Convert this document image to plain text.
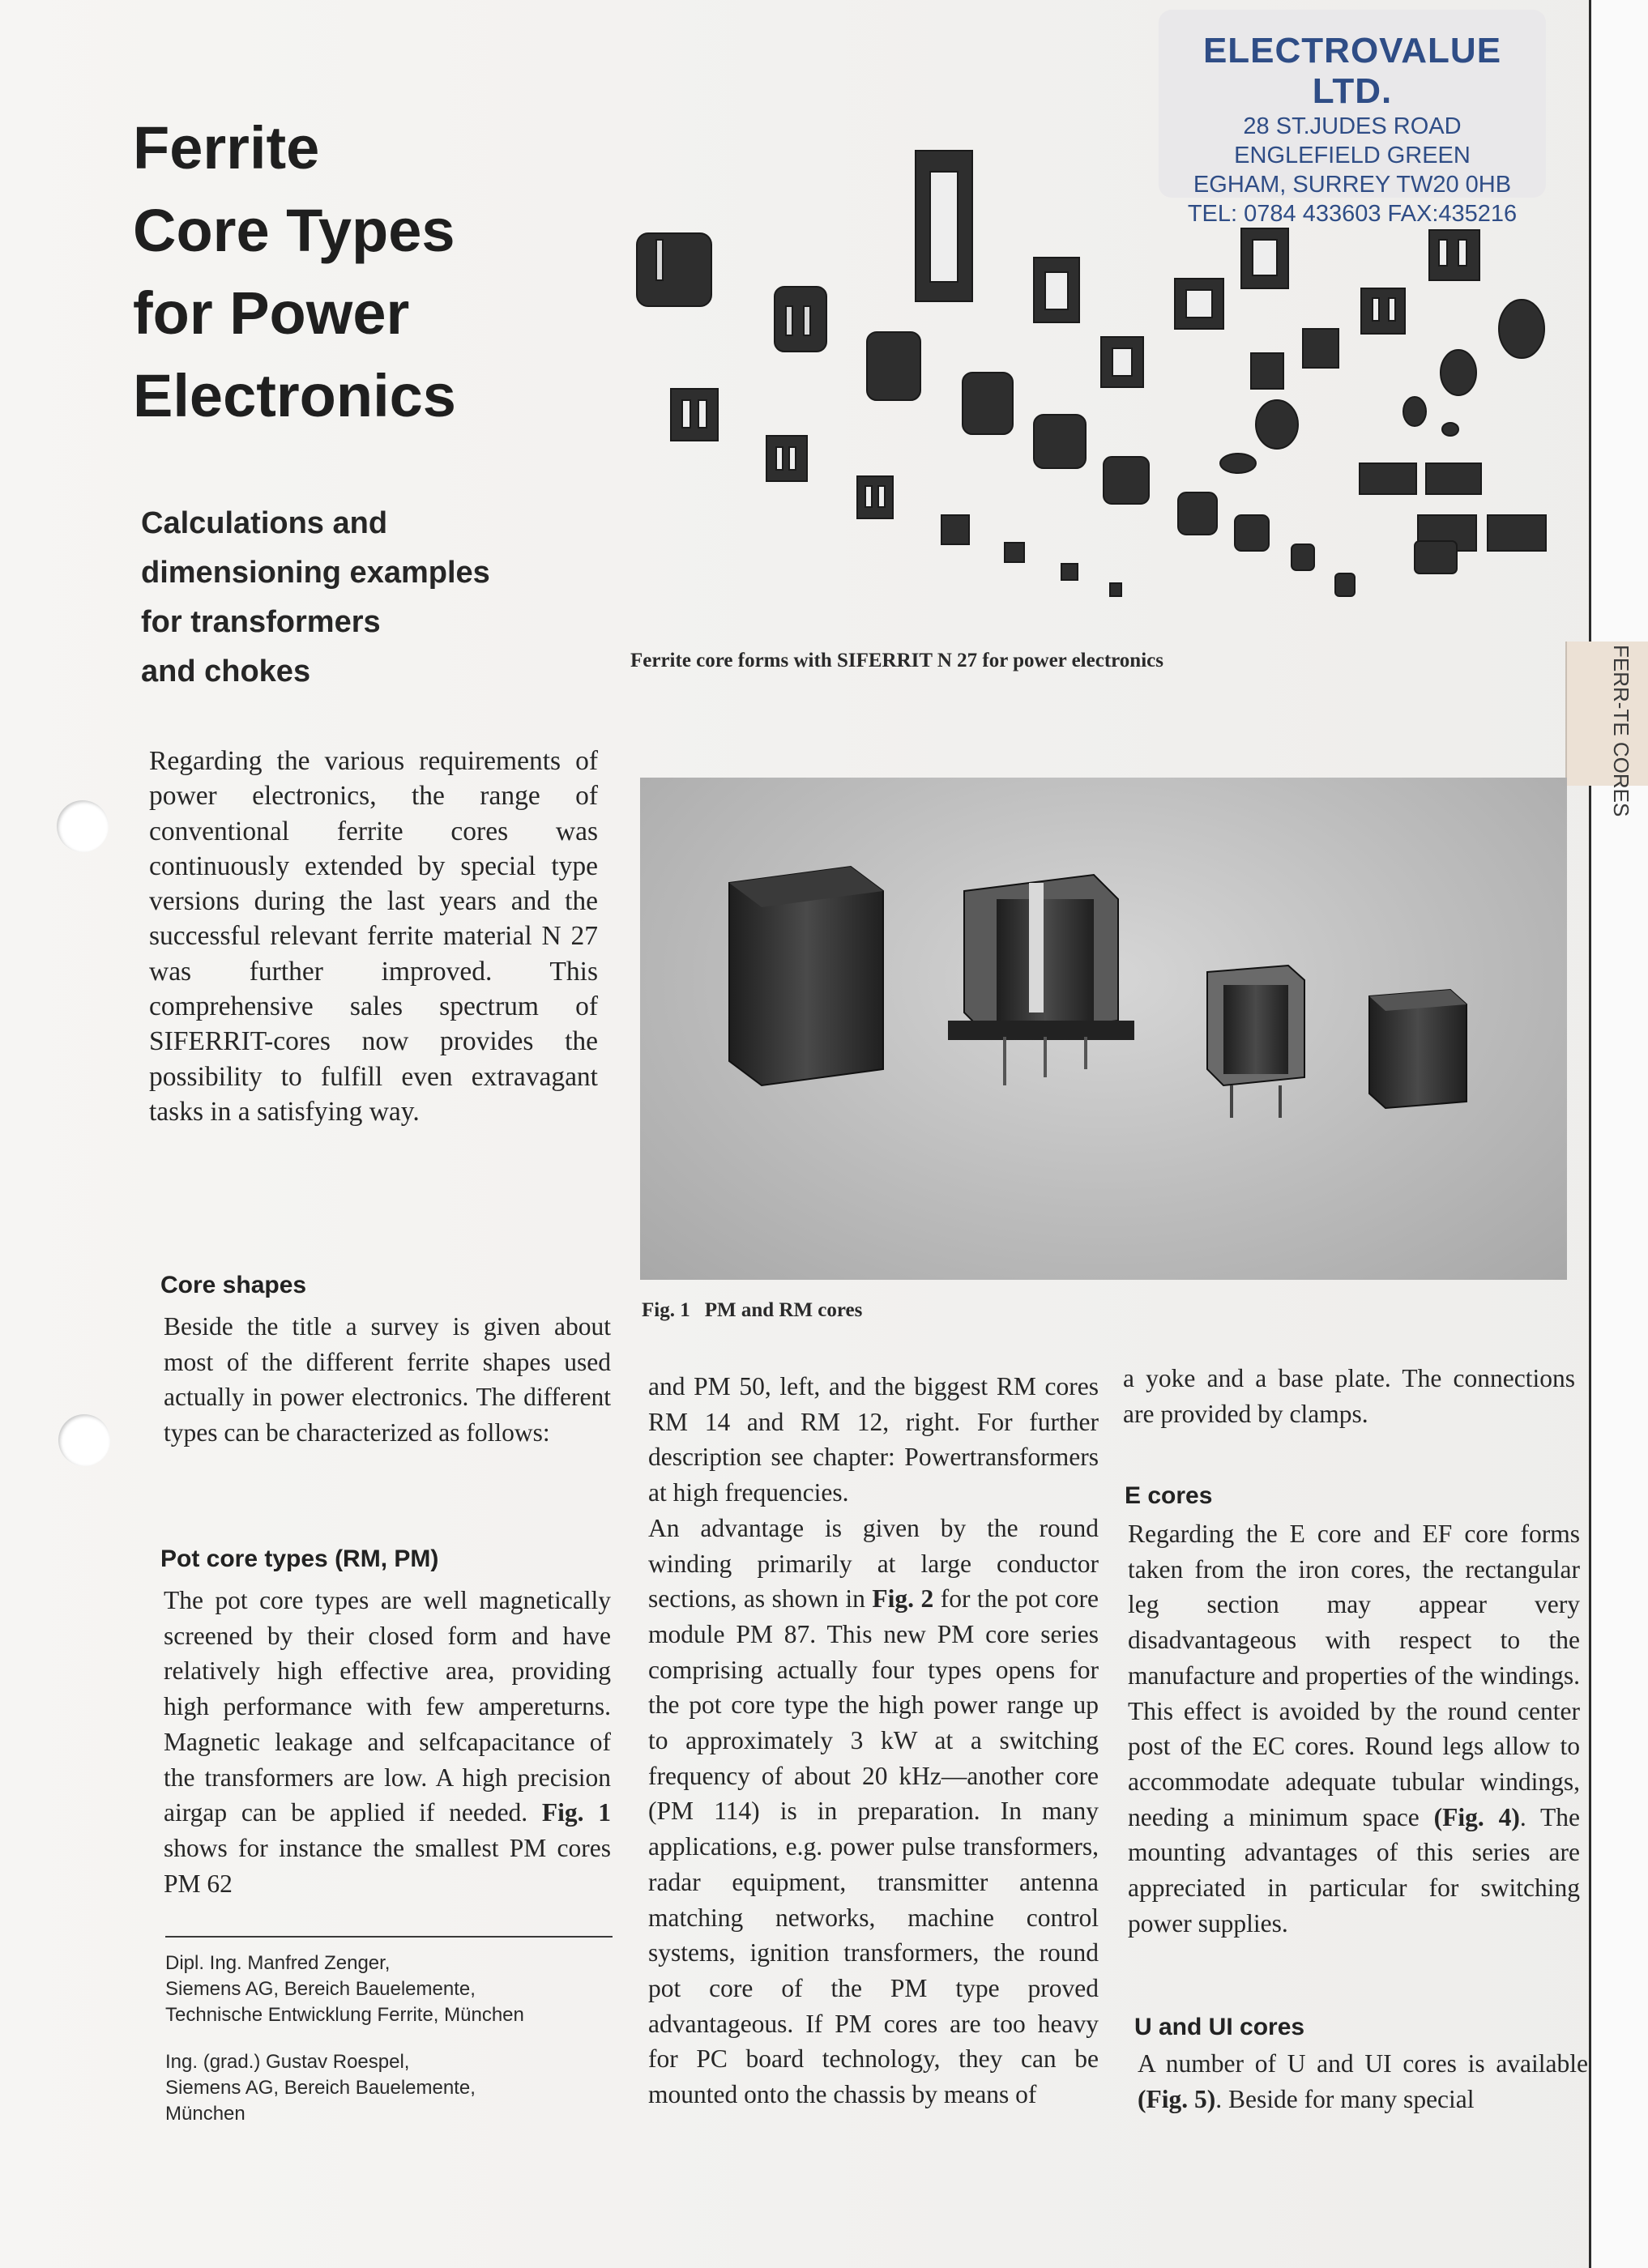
Ferrite
Core Types
for Power
Electronics
Calculations and
dimensioning examples
for transformers
and chokes
ELECTROVALUE LTD.
28 ST.JUDES ROAD
ENGLEFIELD GREEN
EGHAM, SURREY TW20 0HB
TEL: 0784 433603 FAX:435216
FERR-TE CORES
Ferrite core forms with SIFERRIT N 27 for power electronics
Fig. 1 PM and RM cores
Regarding the various requirements of power electronics, the range of conventional ferrite cores was continuously extended by special type versions during the last years and the successful relevant ferrite material N 27 was further improved. This comprehensive sales spectrum of SIFERRIT-cores now provides the possibility to fulfill even extravagant tasks in a satisfying way.
Core shapes
Beside the title a survey is given about most of the different ferrite shapes used actually in power electronics. The different types can be characterized as follows:
Pot core types (RM, PM)
The pot core types are well magnetically screened by their closed form and have relatively high effective area, providing high performance with few ampereturns. Magnetic leakage and selfcapacitance of the transformers are low. A high precision airgap can be applied if needed. Fig. 1 shows for instance the smallest PM cores PM 62
Dipl. Ing. Manfred Zenger,
Siemens AG, Bereich Bauelemente,
Technische Entwicklung Ferrite, München
Ing. (grad.) Gustav Roespel,
Siemens AG, Bereich Bauelemente,
München

and PM 50, left, and the biggest RM cores RM 14 and RM 12, right. For further description see chapter: Powertransformers at high frequencies.

An advantage is given by the round winding primarily at large conductor sections, as shown in Fig. 2 for the pot core module PM 87. This new PM core series comprising actually four types opens for the pot core type the high power range up to approximately 3 kW at a switching frequency of about 20 kHz—another core (PM 114) is in preparation. In many applications, e.g. power pulse transformers, radar equipment, transmitter antenna matching networks, machine control systems, ignition transformers, the round pot core of the PM type proved advantageous. If PM cores are too heavy for PC board technology, they can be mounted onto the chassis by means of

a yoke and a base plate. The connections are provided by clamps.
E cores
Regarding the E core and EF core forms taken from the iron cores, the rectangular leg section may appear very disadvantageous with respect to the manufacture and properties of the windings. This effect is avoided by the round center post of the EC cores. Round legs allow to accommodate adequate tubular windings, needing a minimum space (Fig. 4). The mounting advantages of this series are appreciated in particular for switching power supplies.
U and UI cores
A number of U and UI cores is available (Fig. 5). Beside for many special
